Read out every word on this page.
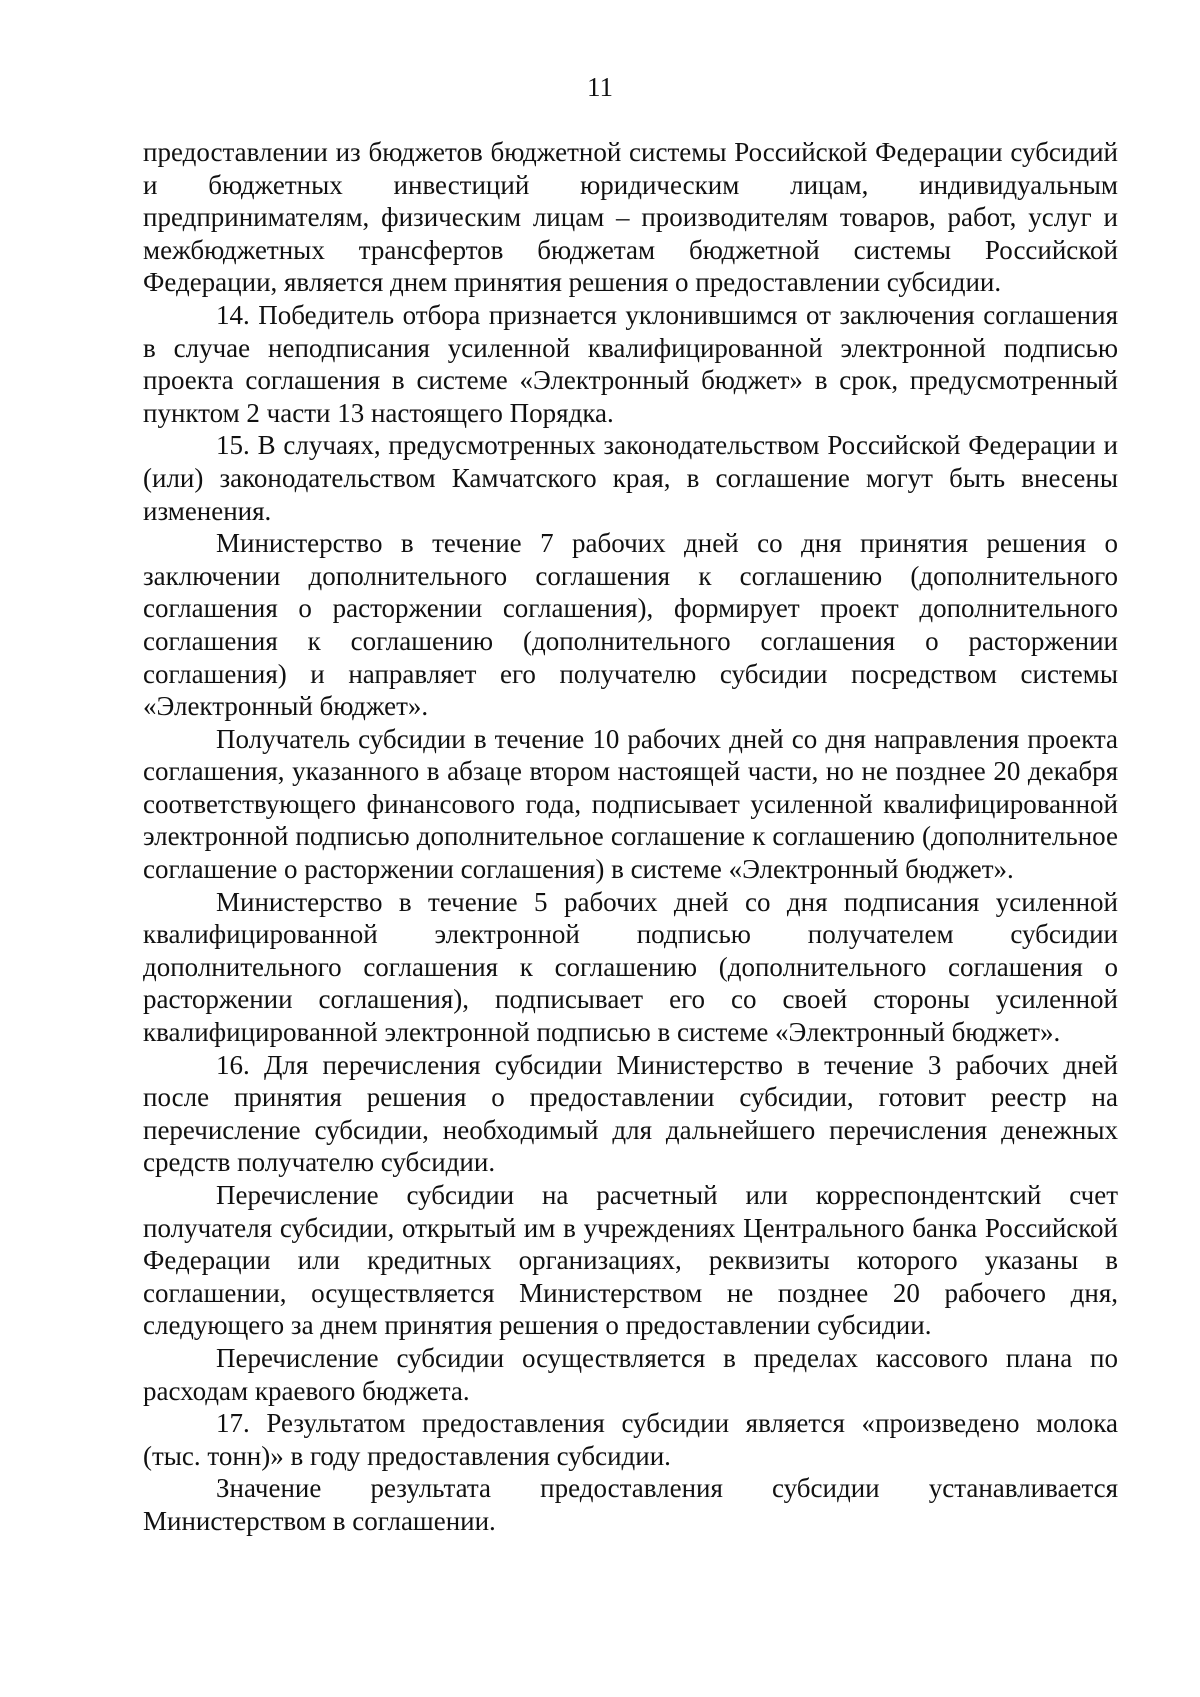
11

предоставлении из бюджетов бюджетной системы Российской Федерации субсидий и бюджетных инвестиций юридическим лицам, индивидуальным предпринимателям, физическим лицам – производителям товаров, работ, услуг и межбюджетных трансфертов бюджетам бюджетной системы Российской Федерации, является днем принятия решения о предоставлении субсидии.

14. Победитель отбора признается уклонившимся от заключения соглашения в случае неподписания усиленной квалифицированной электронной подписью проекта соглашения в системе «Электронный бюджет» в срок, предусмотренный пунктом 2 части 13 настоящего Порядка.

15. В случаях, предусмотренных законодательством Российской Федерации и (или) законодательством Камчатского края, в соглашение могут быть внесены изменения.

Министерство в течение 7 рабочих дней со дня принятия решения о заключении дополнительного соглашения к соглашению (дополнительного соглашения о расторжении соглашения), формирует проект дополнительного соглашения к соглашению (дополнительного соглашения о расторжении соглашения) и направляет его получателю субсидии посредством системы «Электронный бюджет».

Получатель субсидии в течение 10 рабочих дней со дня направления проекта соглашения, указанного в абзаце втором настоящей части, но не позднее 20 декабря соответствующего финансового года, подписывает усиленной квалифицированной электронной подписью дополнительное соглашение к соглашению (дополнительное соглашение о расторжении соглашения) в системе «Электронный бюджет».

Министерство в течение 5 рабочих дней со дня подписания усиленной квалифицированной электронной подписью получателем субсидии дополнительного соглашения к соглашению (дополнительного соглашения о расторжении соглашения), подписывает его со своей стороны усиленной квалифицированной электронной подписью в системе «Электронный бюджет».

16. Для перечисления субсидии Министерство в течение 3 рабочих дней после принятия решения о предоставлении субсидии, готовит реестр на перечисление субсидии, необходимый для дальнейшего перечисления денежных средств получателю субсидии.

Перечисление субсидии на расчетный или корреспондентский счет получателя субсидии, открытый им в учреждениях Центрального банка Российской Федерации или кредитных организациях, реквизиты которого указаны в соглашении, осуществляется Министерством не позднее 20 рабочего дня, следующего за днем принятия решения о предоставлении субсидии.

Перечисление субсидии осуществляется в пределах кассового плана по расходам краевого бюджета.

17. Результатом предоставления субсидии является «произведено молока (тыс. тонн)» в году предоставления субсидии.

Значение результата предоставления субсидии устанавливается Министерством в соглашении.
